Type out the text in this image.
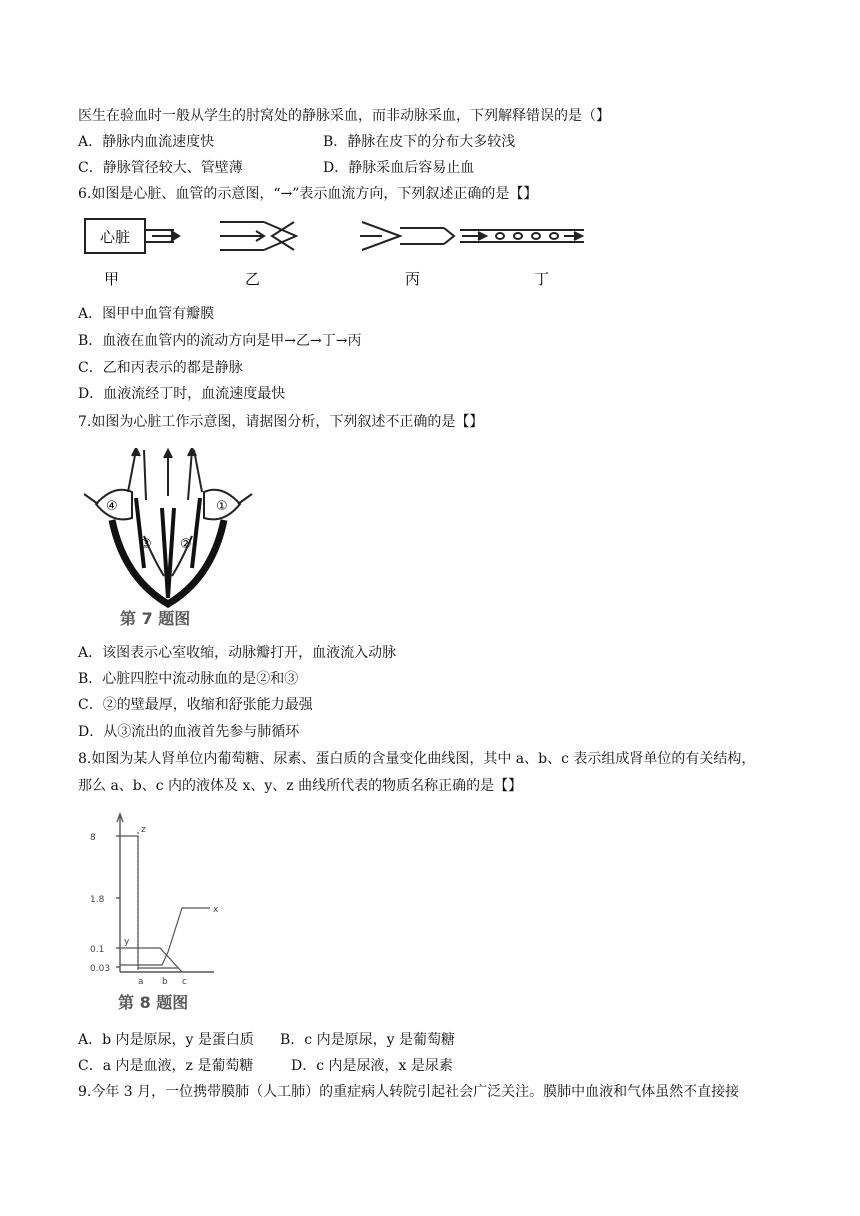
医生在验血时一般从学生的肘窝处的静脉采血，而非动脉采血，下列解释错误的是（】
A．静脉内血流速度快	B．静脉在皮下的分布大多较浅
C．静脉管径较大、管壁薄	D．静脉采血后容易止血
6.如图是心脏、血管的示意图，“→”表示血流方向，下列叙述正确的是【】
心脏
甲	乙	丙	丁
A．图甲中血管有瓣膜
B．血液在血管内的流动方向是甲→乙→丁→丙
C．乙和丙表示的都是静脉
D．血液流经丁时，血流速度最快
7.如图为心脏工作示意图，请据图分析，下列叙述不正确的是【】
④
③ ②
①
第 7 题图
A．该图表示心室收缩，动脉瓣打开，血液流入动脉
B．心脏四腔中流动脉血的是②和③
C．②的壁最厚，收缩和舒张能力最强
D．从③流出的血液首先参与肺循环
8.如图为某人肾单位内葡萄糖、尿素、蛋白质的含量变化曲线图，其中 a、b、c 表示组成肾单位的有关结构，
那么 a、b、c 内的液体及 x、y、z 曲线所代表的物质名称正确的是【】
8
1.8
0.1
0.03
a b c
z
x
y
第 8 题图
A．b 内是原尿，y 是蛋白质 B．c 内是原尿，y 是葡萄糖
C．a 内是血液，z 是葡萄糖	D．c 内是尿液，x 是尿素
9.今年 3 月，一位携带膜肺（人工肺）的重症病人转院引起社会广泛关注。膜肺中血液和气体虽然不直接接
